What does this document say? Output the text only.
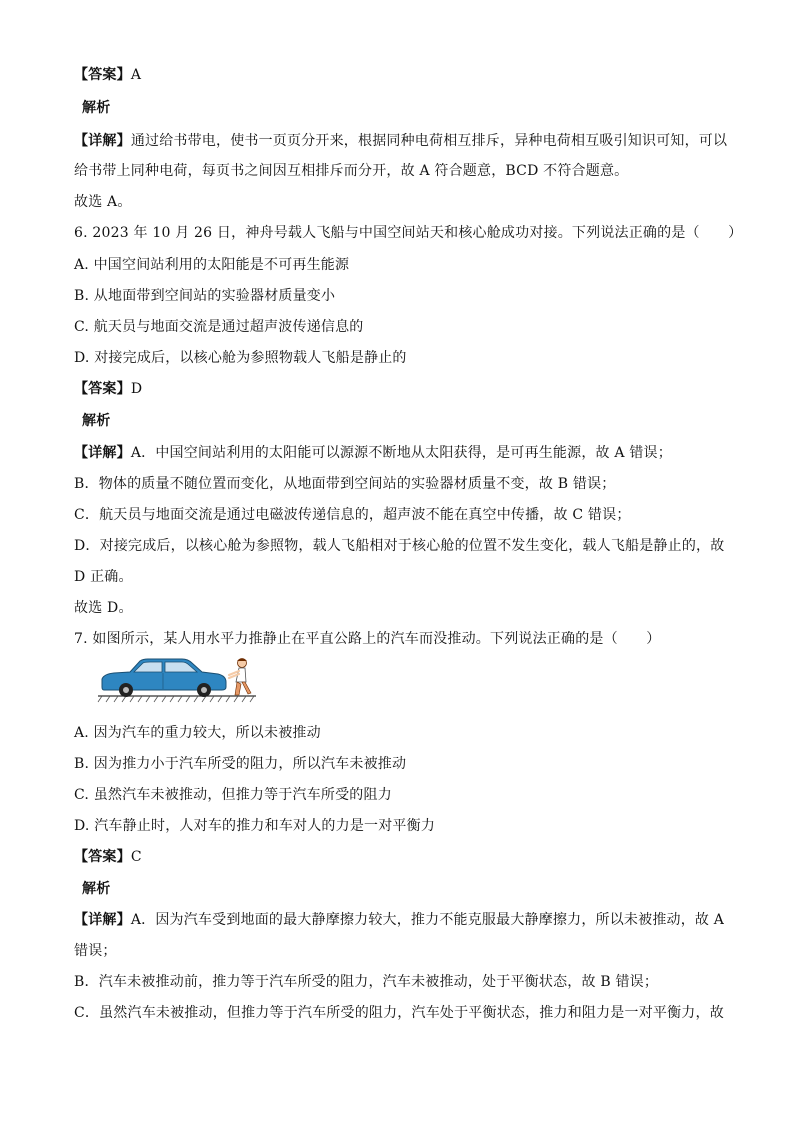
【答案】A
解析
【详解】通过给书带电，使书一页页分开来，根据同种电荷相互排斥，异种电荷相互吸引知识可知，可以
给书带上同种电荷，每页书之间因互相排斥而分开，故 A 符合题意，BCD 不符合题意。
故选 A。
6. 2023 年 10 月 26 日，神舟号载人飞船与中国空间站天和核心舱成功对接。下列说法正确的是（　　）
A. 中国空间站利用的太阳能是不可再生能源
B. 从地面带到空间站的实验器材质量变小
C. 航天员与地面交流是通过超声波传递信息的
D. 对接完成后，以核心舱为参照物载人飞船是静止的
【答案】D
解析
【详解】A．中国空间站利用的太阳能可以源源不断地从太阳获得，是可再生能源，故 A 错误；
B．物体的质量不随位置而变化，从地面带到空间站的实验器材质量不变，故 B 错误；
C．航天员与地面交流是通过电磁波传递信息的，超声波不能在真空中传播，故 C 错误；
D．对接完成后，以核心舱为参照物，载人飞船相对于核心舱的位置不发生变化，载人飞船是静止的，故
D 正确。
故选 D。
7. 如图所示，某人用水平力推静止在平直公路上的汽车而没推动。下列说法正确的是（　　）
A. 因为汽车的重力较大，所以未被推动
B. 因为推力小于汽车所受的阻力，所以汽车未被推动
C. 虽然汽车未被推动，但推力等于汽车所受的阻力
D. 汽车静止时，人对车的推力和车对人的力是一对平衡力
【答案】C
解析
【详解】A．因为汽车受到地面的最大静摩擦力较大，推力不能克服最大静摩擦力，所以未被推动，故 A
错误；
B．汽车未被推动前，推力等于汽车所受的阻力，汽车未被推动，处于平衡状态，故 B 错误；
C．虽然汽车未被推动，但推力等于汽车所受的阻力，汽车处于平衡状态，推力和阻力是一对平衡力，故
